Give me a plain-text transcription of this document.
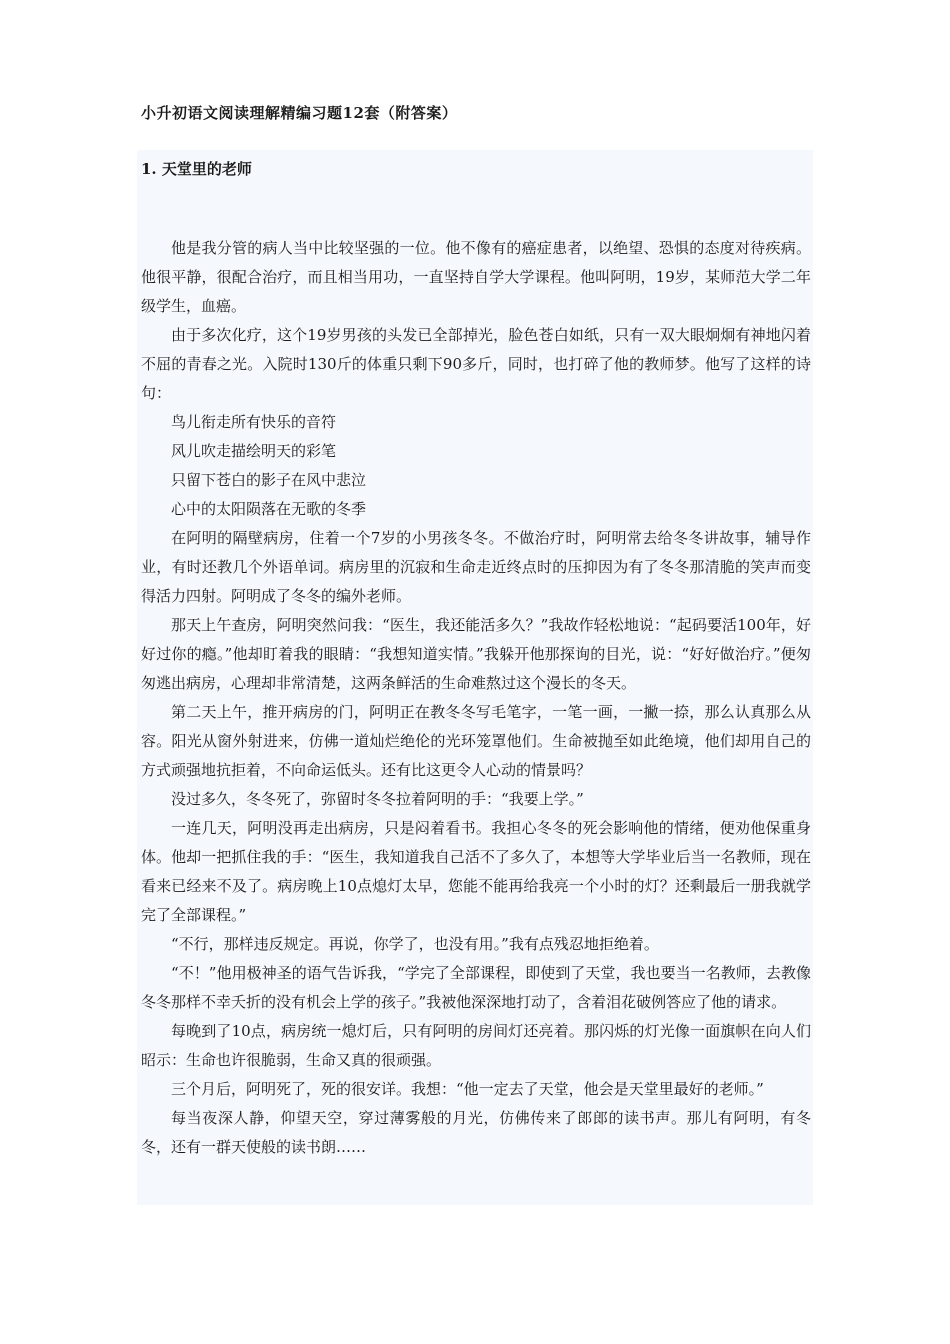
小升初语文阅读理解精编习题12套（附答案）
1. 天堂里的老师

他是我分管的病人当中比较坚强的一位。他不像有的癌症患者，以绝望、恐惧的态度对待疾病。他很平静，很配合治疗，而且相当用功，一直坚持自学大学课程。他叫阿明，19岁，某师范大学二年级学生，血癌。

由于多次化疗，这个19岁男孩的头发已全部掉光，脸色苍白如纸，只有一双大眼炯炯有神地闪着不屈的青春之光。入院时130斤的体重只剩下90多斤，同时，也打碎了他的教师梦。他写了这样的诗句：

鸟儿衔走所有快乐的音符

风儿吹走描绘明天的彩笔

只留下苍白的影子在风中悲泣

心中的太阳陨落在无歌的冬季

在阿明的隔壁病房，住着一个7岁的小男孩冬冬。不做治疗时，阿明常去给冬冬讲故事，辅导作业，有时还教几个外语单词。病房里的沉寂和生命走近终点时的压抑因为有了冬冬那清脆的笑声而变得活力四射。阿明成了冬冬的编外老师。

那天上午查房，阿明突然问我：“医生，我还能活多久？”我故作轻松地说：“起码要活100年，好好过你的瘾。”他却盯着我的眼睛：“我想知道实情。”我躲开他那探询的目光，说：“好好做治疗。”便匆匆逃出病房，心理却非常清楚，这两条鲜活的生命难熬过这个漫长的冬天。

第二天上午，推开病房的门，阿明正在教冬冬写毛笔字，一笔一画，一撇一捺，那么认真那么从容。阳光从窗外射进来，仿佛一道灿烂绝伦的光环笼罩他们。生命被抛至如此绝境，他们却用自己的方式顽强地抗拒着，不向命运低头。还有比这更令人心动的情景吗？

没过多久，冬冬死了，弥留时冬冬拉着阿明的手：“我要上学。”

一连几天，阿明没再走出病房，只是闷着看书。我担心冬冬的死会影响他的情绪，便劝他保重身体。他却一把抓住我的手：“医生，我知道我自己活不了多久了，本想等大学毕业后当一名教师，现在看来已经来不及了。病房晚上10点熄灯太早，您能不能再给我亮一个小时的灯？还剩最后一册我就学完了全部课程。”

“不行，那样违反规定。再说，你学了，也没有用。”我有点残忍地拒绝着。

“不！”他用极神圣的语气告诉我，“学完了全部课程，即使到了天堂，我也要当一名教师，去教像冬冬那样不幸夭折的没有机会上学的孩子。”我被他深深地打动了，含着泪花破例答应了他的请求。

每晚到了10点，病房统一熄灯后，只有阿明的房间灯还亮着。那闪烁的灯光像一面旗帜在向人们昭示：生命也许很脆弱，生命又真的很顽强。

三个月后，阿明死了，死的很安详。我想：“他一定去了天堂，他会是天堂里最好的老师。”

每当夜深人静，仰望天空，穿过薄雾般的月光，仿佛传来了郎郎的读书声。那儿有阿明，有冬冬，还有一群天使般的读书朗……
